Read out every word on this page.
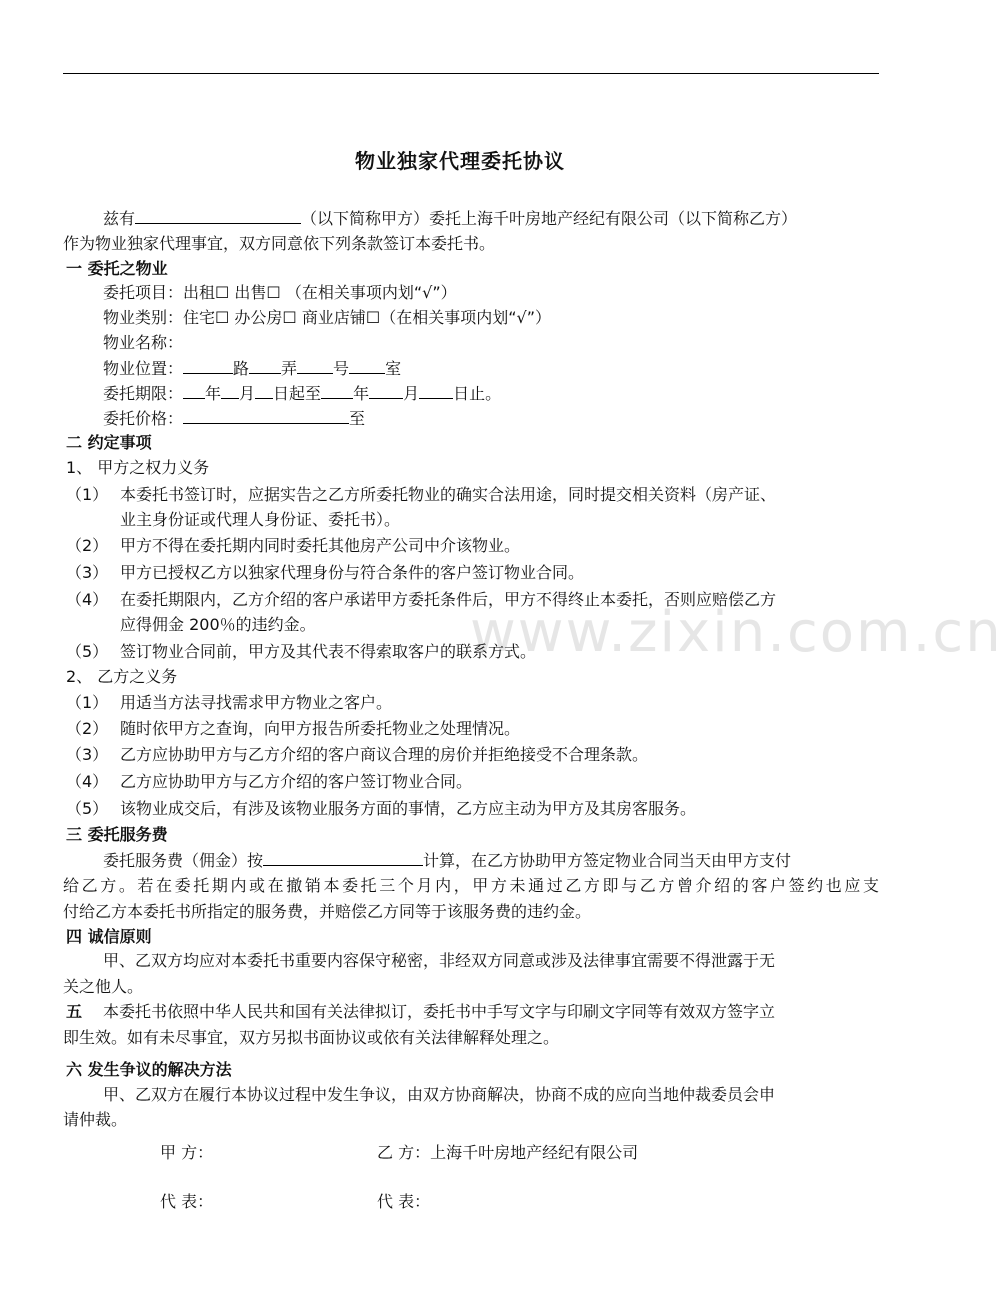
www.zixin.com.cn
物业独家代理委托协议
兹有	（以下简称甲方）委托上海千叶房地产经纪有限公司（以下简称乙方）
作为物业独家代理事宜，双方同意依下列条款签订本委托书。
一 委托之物业
委托项目：出租☐ 出售☐ （在相关事项内划“√”）
物业类别：住宅☐ 办公房☐ 商业店铺☐（在相关事项内划“√”）
物业名称：
物业位置：	路 弄 号 室
委托期限： 年 月 日起至 年 月 日止。
委托价格：	至
二 约定事项
1、 甲方之权力义务
（1） 本委托书签订时，应据实告之乙方所委托物业的确实合法用途，同时提交相关资料（房产证、
业主身份证或代理人身份证、委托书）。
（2） 甲方不得在委托期内同时委托其他房产公司中介该物业。
（3） 甲方已授权乙方以独家代理身份与符合条件的客户签订物业合同。
（4） 在委托期限内，乙方介绍的客户承诺甲方委托条件后，甲方不得终止本委托，否则应赔偿乙方
应得佣金 200％的违约金。
（5） 签订物业合同前，甲方及其代表不得索取客户的联系方式。
2、 乙方之义务
（1） 用适当方法寻找需求甲方物业之客户。
（2） 随时依甲方之查询，向甲方报告所委托物业之处理情况。
（3） 乙方应协助甲方与乙方介绍的客户商议合理的房价并拒绝接受不合理条款。
（4） 乙方应协助甲方与乙方介绍的客户签订物业合同。
（5） 该物业成交后，有涉及该物业服务方面的事情，乙方应主动为甲方及其房客服务。
三 委托服务费
委托服务费（佣金）按	计算，在乙方协助甲方签定物业合同当天由甲方支付
给乙方。若在委托期内或在撤销本委托三个月内，甲方未通过乙方即与乙方曾介绍的客户签约也应支
付给乙方本委托书所指定的服务费，并赔偿乙方同等于该服务费的违约金。
四 诚信原则
甲、乙双方均应对本委托书重要内容保守秘密，非经双方同意或涉及法律事宜需要不得泄露于无
关之他人。
五 本委托书依照中华人民共和国有关法律拟订，委托书中手写文字与印刷文字同等有效双方签字立
即生效。如有未尽事宜，双方另拟书面协议或依有关法律解释处理之。
六 发生争议的解决方法
甲、乙双方在履行本协议过程中发生争议，由双方协商解决，协商不成的应向当地仲裁委员会申
请仲裁。
甲 方：	乙 方：上海千叶房地产经纪有限公司
代 表：	代 表：
